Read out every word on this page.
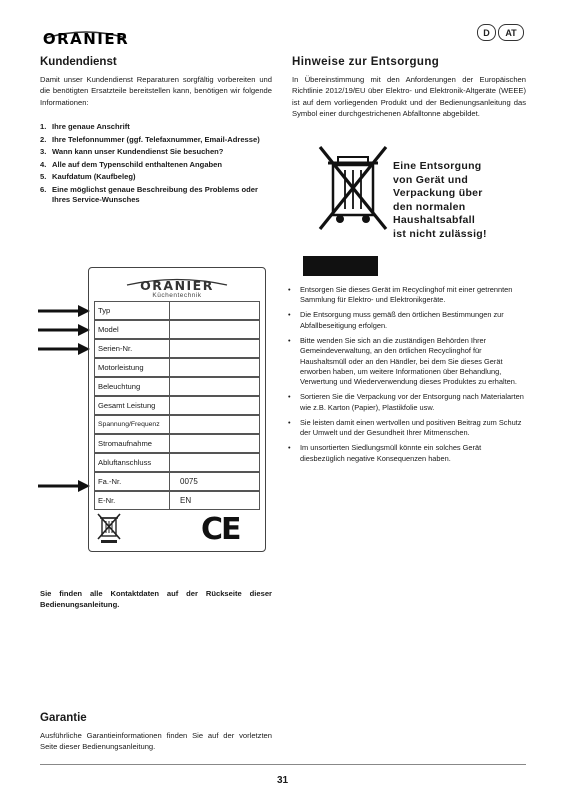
ORANIER	D	AT
Kundendienst

Damit unser Kundendienst Reparaturen sorgfältig vorbereiten und die benötigten Ersatzteile bereitstellen kann, benötigen wir folgende Informationen:

1. Ihre genaue Anschrift
2. Ihre Telefonnummer (ggf. Telefaxnummer, Email-Adresse)
3. Wann kann unser Kundendienst Sie besuchen?
4. Alle auf dem Typenschild enthaltenen Angaben
5. Kaufdatum (Kaufbeleg)
6. Eine möglichst genaue Beschreibung des Problems oder Ihres Service-Wunsches
ORANIER
Küchentechnik
Typ
Model
Serien-Nr.
Motorleistung
Beleuchtung
Gesamt Leistung
Spannung/Frequenz
Stromaufnahme
Abluftanschluss
Fa.-Nr.	0075
E-Nr.	EN
CE

Sie finden alle Kontaktdaten auf der Rückseite dieser Bedienungsanleitung.

Garantie

Ausführliche Garantieinformationen finden Sie auf der vorletzten Seite dieser Bedienungsanleitung.

Hinweise zur Entsorgung

In Übereinstimmung mit den Anforderungen der Europäischen Richtlinie 2012/19/EU über Elektro- und Elektronik-Altgeräte (WEEE) ist auf dem vorliegenden Produkt und der Bedienungsanleitung das Symbol einer durchgestrichenen Abfalltonne abgebildet.

Eine Entsorgung
von Gerät und
Verpackung über
den normalen
Haushaltsabfall
ist nicht zulässig!
•	Entsorgen Sie dieses Gerät im Recyclinghof mit einer getrennten Sammlung für Elektro- und Elektronikgeräte.
•	Die Entsorgung muss gemäß den örtlichen Bestimmungen zur Abfallbeseitigung erfolgen.
•	Bitte wenden Sie sich an die zuständigen Behörden Ihrer Gemeindeverwaltung, an den örtlichen Recyclinghof für Haushaltsmüll oder an den Händler, bei dem Sie dieses Gerät erworben haben, um weitere Informationen über Behandlung, Verwertung und Wiederverwendung dieses Produktes zu erhalten.
•	Sortieren Sie die Verpackung vor der Entsorgung nach Materialarten wie z.B. Karton (Papier), Plastikfolie usw.
•	Sie leisten damit einen wertvollen und positiven Beitrag zum Schutz der Umwelt und der Gesundheit Ihrer Mitmenschen.
•	Im unsortierten Siedlungsmüll könnte ein solches Gerät diesbezüglich negative Konsequenzen haben.
31
